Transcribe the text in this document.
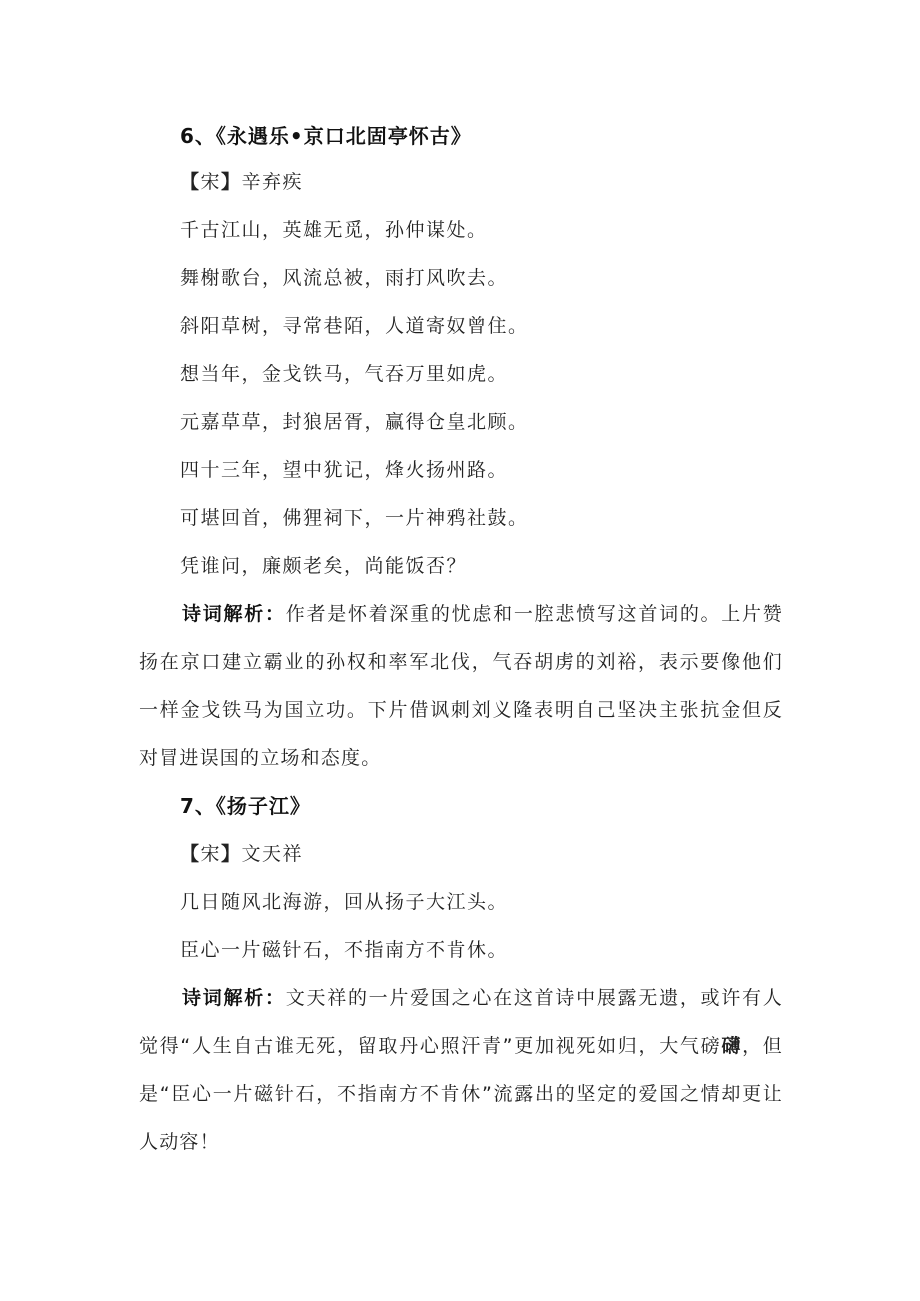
6、《永遇乐•京口北固亭怀古》
【宋】辛弃疾
千古江山，英雄无觅，孙仲谋处。
舞榭歌台，风流总被，雨打风吹去。
斜阳草树，寻常巷陌，人道寄奴曾住。
想当年，金戈铁马，气吞万里如虎。
元嘉草草，封狼居胥，赢得仓皇北顾。
四十三年，望中犹记，烽火扬州路。
可堪回首，佛狸祠下，一片神鸦社鼓。
凭谁问，廉颇老矣，尚能饭否？
诗词解析：作者是怀着深重的忧虑和一腔悲愤写这首词的。上片赞扬在京口建立霸业的孙权和率军北伐，气吞胡虏的刘裕，表示要像他们一样金戈铁马为国立功。下片借讽刺刘义隆表明自己坚决主张抗金但反对冒进误国的立场和态度。
7、《扬子江》
【宋】文天祥
几日随风北海游，回从扬子大江头。
臣心一片磁针石，不指南方不肯休。
诗词解析：文天祥的一片爱国之心在这首诗中展露无遗，或许有人觉得“人生自古谁无死，留取丹心照汗青”更加视死如归，大气磅礴，但是“臣心一片磁针石，不指南方不肯休”流露出的坚定的爱国之情却更让人动容！
